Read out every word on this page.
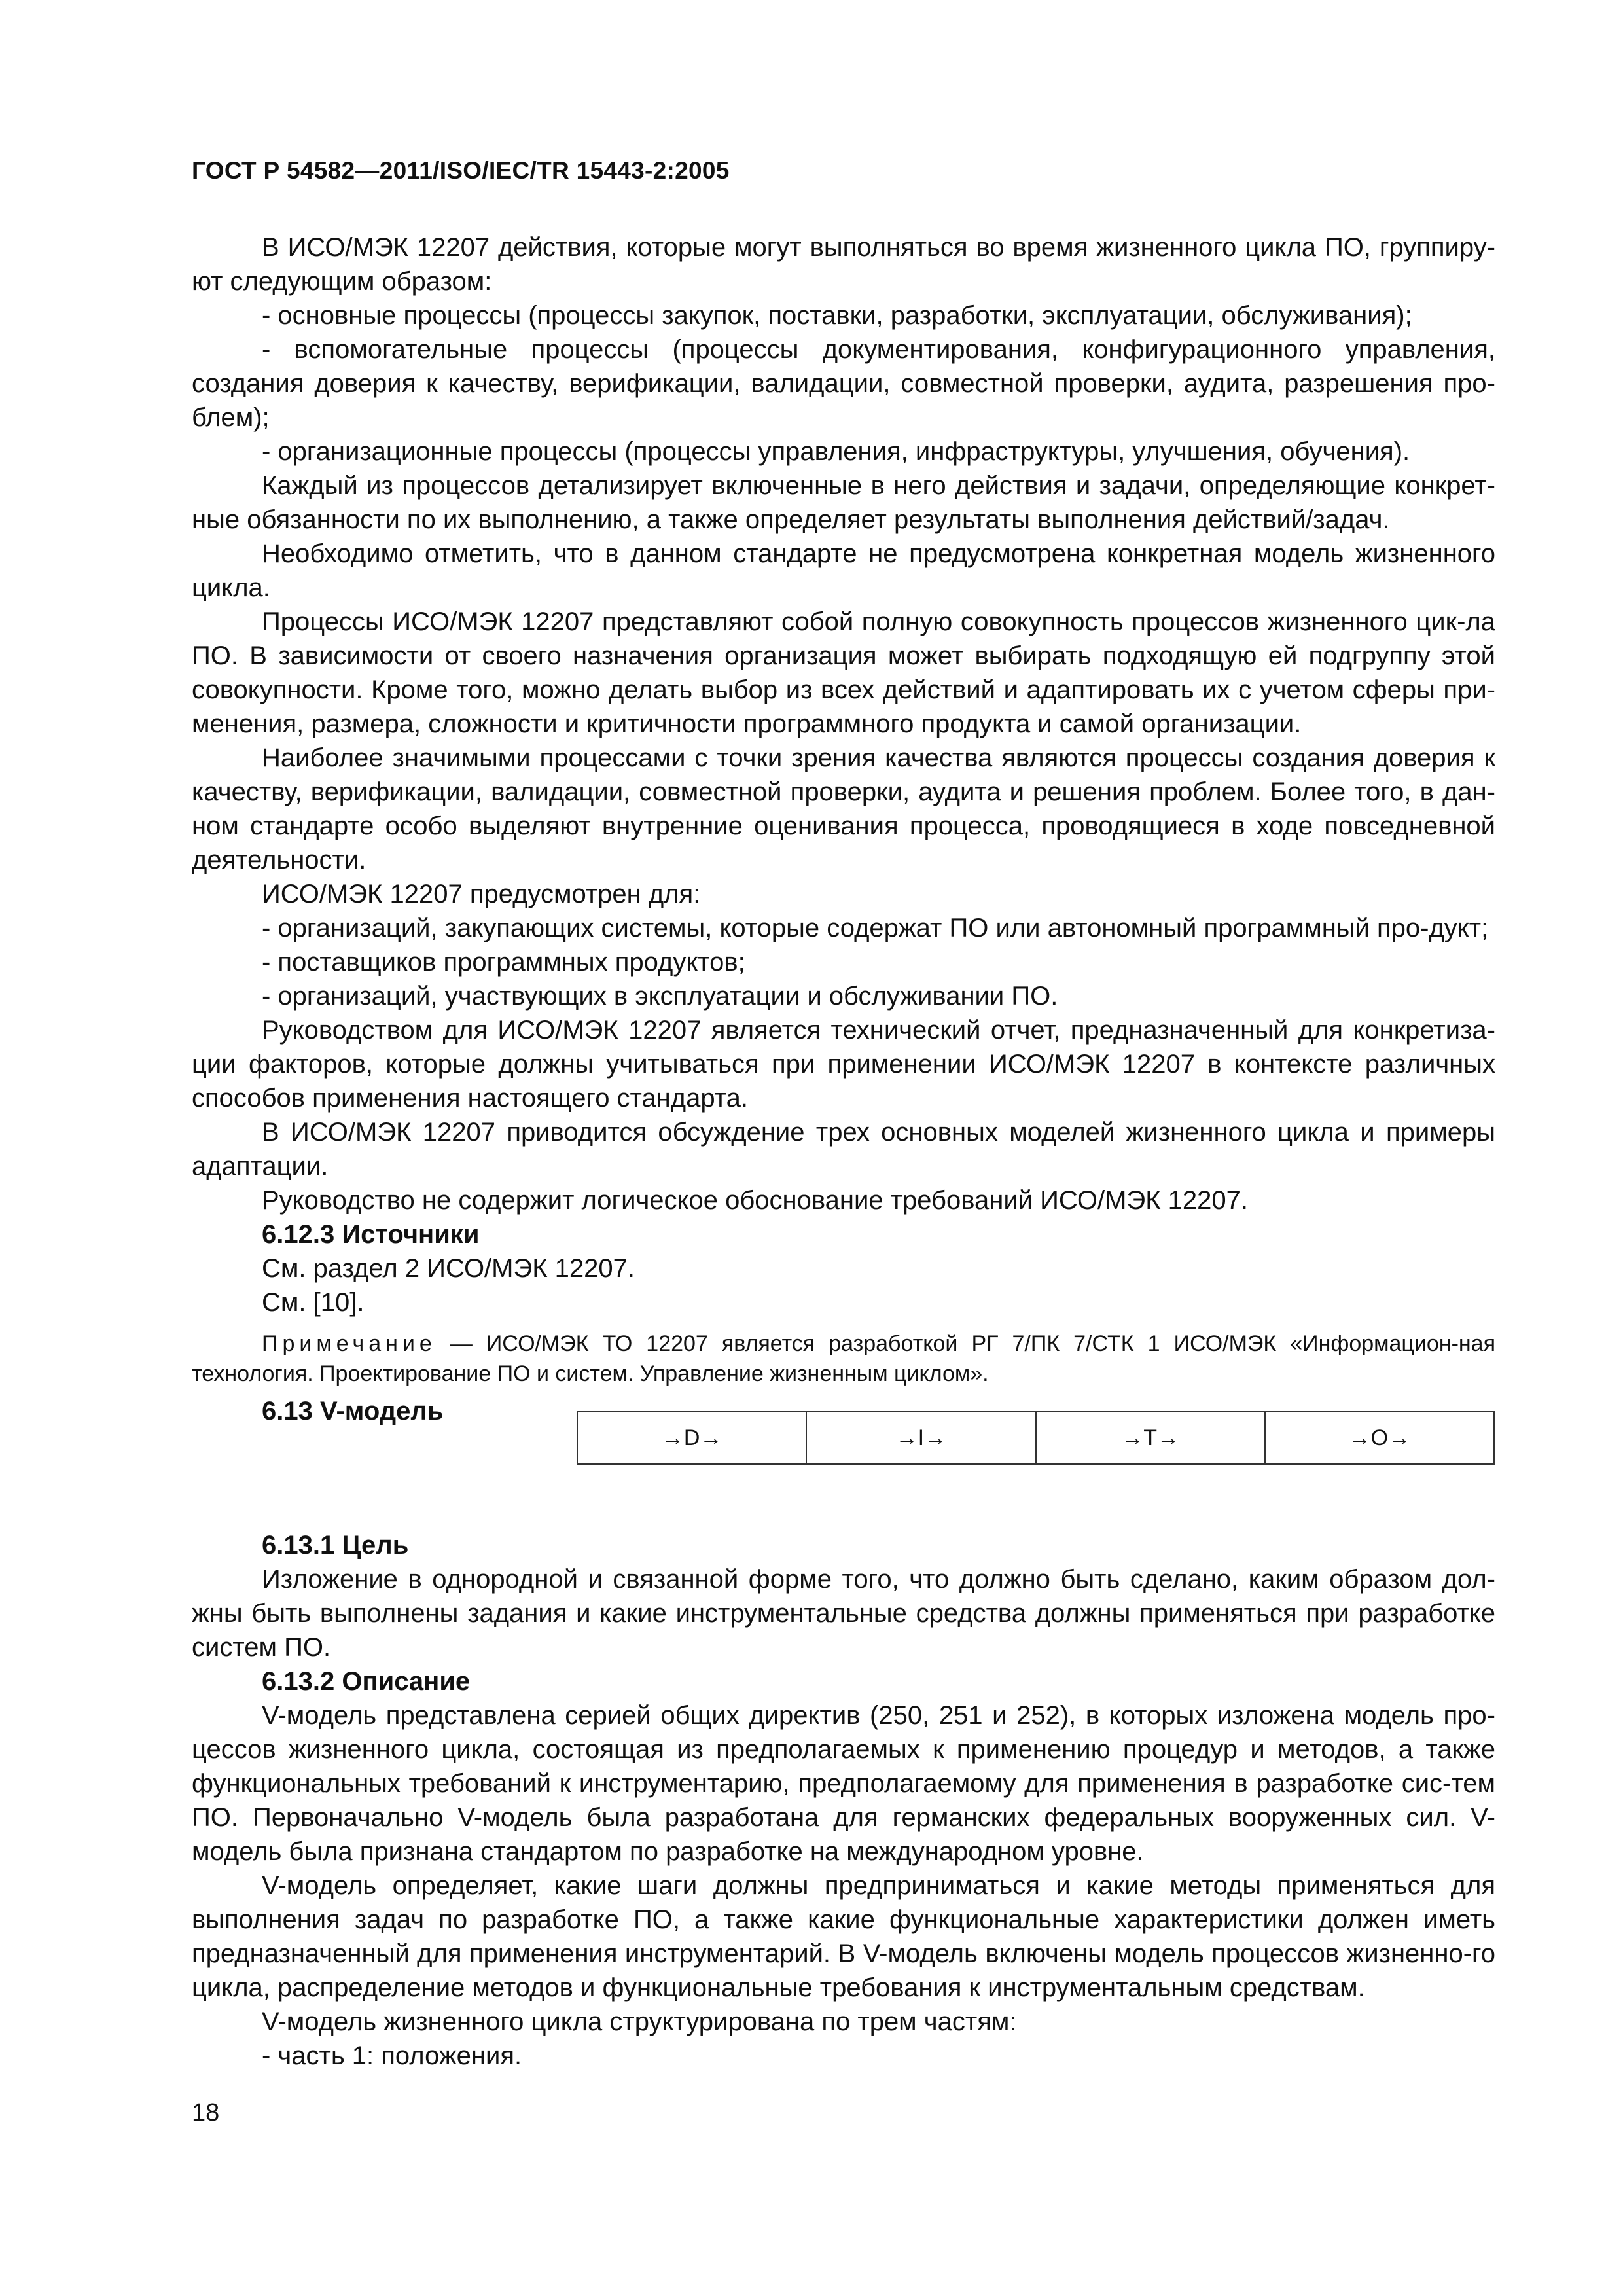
ГОСТ Р 54582—2011/ISO/IEC/TR 15443-2:2005

В ИСО/МЭК 12207 действия, которые могут выполняться во время жизненного цикла ПО, группиру-ют следующим образом:

- основные процессы (процессы закупок, поставки, разработки, эксплуатации, обслуживания);

- вспомогательные процессы (процессы документирования, конфигурационного управления, создания доверия к качеству, верификации, валидации, совместной проверки, аудита, разрешения про-блем);

- организационные процессы (процессы управления, инфраструктуры, улучшения, обучения).

Каждый из процессов детализирует включенные в него действия и задачи, определяющие конкрет-ные обязанности по их выполнению, а также определяет результаты выполнения действий/задач.

Необходимо отметить, что в данном стандарте не предусмотрена конкретная модель жизненного цикла.

Процессы ИСО/МЭК 12207 представляют собой полную совокупность процессов жизненного цик-ла ПО. В зависимости от своего назначения организация может выбирать подходящую ей подгруппу этой совокупности. Кроме того, можно делать выбор из всех действий и адаптировать их с учетом сферы при-менения, размера, сложности и критичности программного продукта и самой организации.

Наиболее значимыми процессами с точки зрения качества являются процессы создания доверия к качеству, верификации, валидации, совместной проверки, аудита и решения проблем. Более того, в дан-ном стандарте особо выделяют внутренние оценивания процесса, проводящиеся в ходе повседневной деятельности.

ИСО/МЭК 12207 предусмотрен для:

- организаций, закупающих системы, которые содержат ПО или автономный программный про-дукт;

- поставщиков программных продуктов;

- организаций, участвующих в эксплуатации и обслуживании ПО.

Руководством для ИСО/МЭК 12207 является технический отчет, предназначенный для конкретиза-ции факторов, которые должны учитываться при применении ИСО/МЭК 12207 в контексте различных способов применения настоящего стандарта.

В ИСО/МЭК 12207 приводится обсуждение трех основных моделей жизненного цикла и примеры адаптации.

Руководство не содержит логическое обоснование требований ИСО/МЭК 12207.

6.12.3 Источники

См. раздел 2 ИСО/МЭК 12207.

См. [10].

Примечание — ИСО/МЭК ТО 12207 является разработкой РГ 7/ПК 7/СТК 1 ИСО/МЭК «Информацион-ная технология. Проектирование ПО и систем. Управление жизненным циклом».

6.13 V-модель

→D→	→I→	→T→	→O→

6.13.1 Цель

Изложение в однородной и связанной форме того, что должно быть сделано, каким образом дол-жны быть выполнены задания и какие инструментальные средства должны применяться при разработке систем ПО.

6.13.2 Описание

V-модель представлена серией общих директив (250, 251 и 252), в которых изложена модель про-цессов жизненного цикла, состоящая из предполагаемых к применению процедур и методов, а также функциональных требований к инструментарию, предполагаемому для применения в разработке сис-тем ПО. Первоначально V-модель была разработана для германских федеральных вооруженных сил. V-модель была признана стандартом по разработке на международном уровне.

V-модель определяет, какие шаги должны предприниматься и какие методы применяться для выполнения задач по разработке ПО, а также какие функциональные характеристики должен иметь предназначенный для применения инструментарий. В V-модель включены модель процессов жизненно-го цикла, распределение методов и функциональные требования к инструментальным средствам.

V-модель жизненного цикла структурирована по трем частям:

- часть 1: положения.

18
